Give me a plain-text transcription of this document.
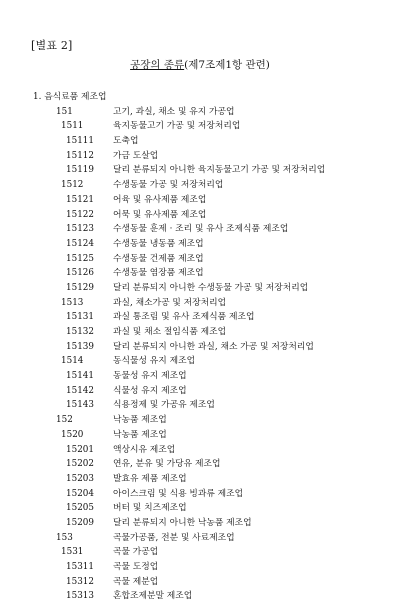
[별표 2]
공장의 종류(제7조제1항 관련)
1. 음식료품 제조업
151	고기, 과실, 채소 및 유지 가공업
1511	육지동물고기 가공 및 저장처리업
15111 도축업
15112 가금 도살업
15119 달리 분류되지 아니한 육지동물고기 가공 및 저장처리업
1512	수생동물 가공 및 저장처리업
15121 어육 및 유사제품 제조업
15122 어묵 및 유사제품 제조업
15123 수생동물 훈제 · 조리 및 유사 조제식품 제조업
15124 수생동물 냉동품 제조업
15125 수생동물 건제품 제조업
15126 수생동물 염장품 제조업
15129 달리 분류되지 아니한 수생동물 가공 및 저장처리업
1513	과실, 채소가공 및 저장처리업
15131 과실 통조림 및 유사 조제식품 제조업
15132 과실 및 채소 절임식품 제조업
15139 달리 분류되지 아니한 과실, 채소 가공 및 저장처리업
1514	동식물성 유지 제조업
15141 동물성 유지 제조업
15142 식물성 유지 제조업
15143 식용정제 및 가공유 제조업
152	낙농품 제조업
1520	낙농품 제조업
15201 액상시유 제조업
15202 연유, 분유 및 가당유 제조업
15203 발효유 제품 제조업
15204 아이스크림 및 식용 빙과류 제조업
15205 버터 및 치즈제조업
15209 달리 분류되지 아니한 낙농품 제조업
153	곡물가공품, 전분 및 사료제조업
1531	곡물 가공업
15311 곡물 도정업
15312 곡물 제분업
15313 혼합조제분말 제조업
